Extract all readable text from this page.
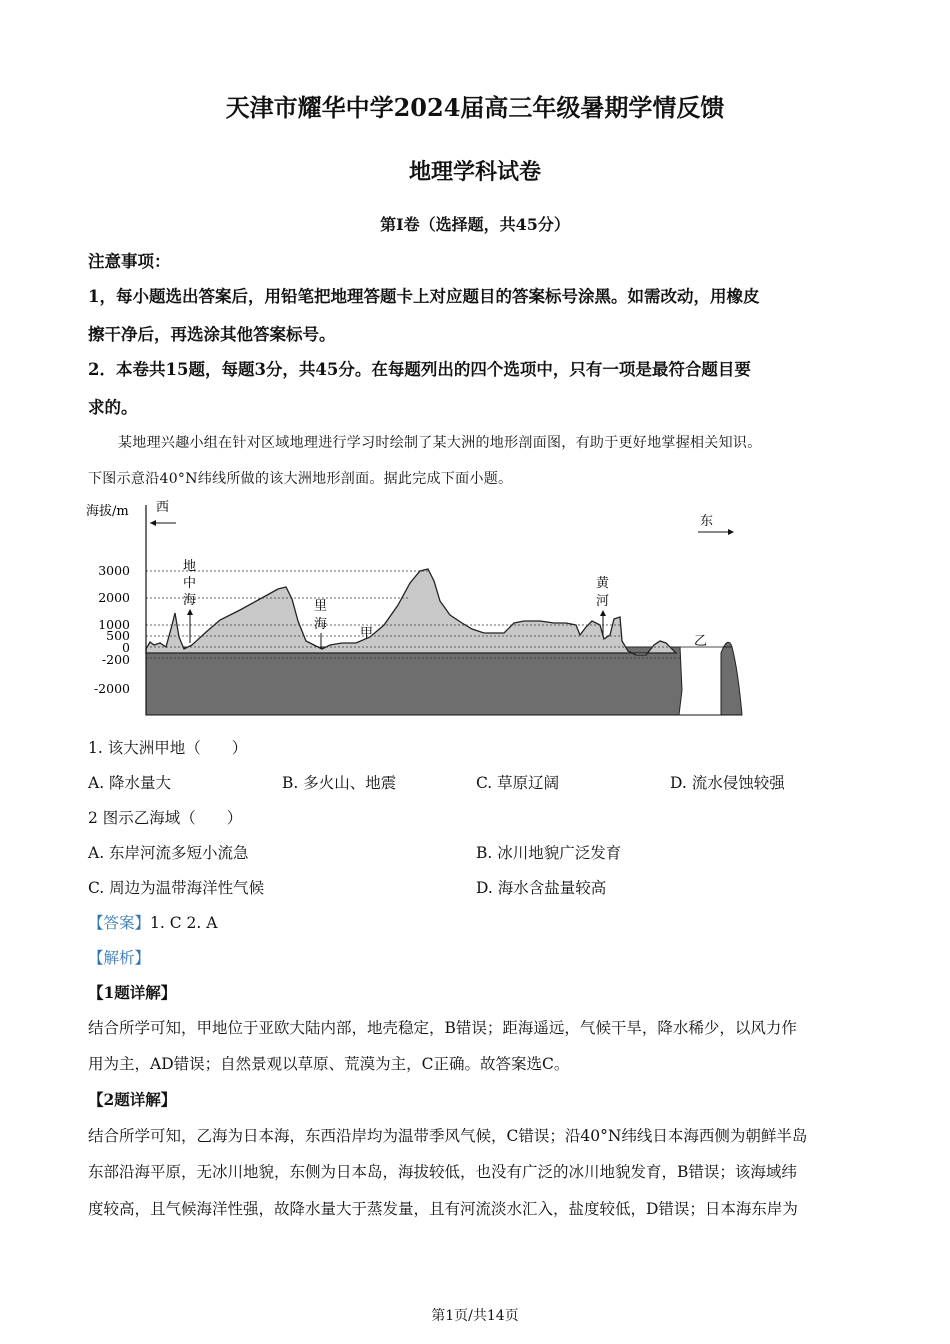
天津市耀华中学2024届高三年级暑期学情反馈
地理学科试卷
第I卷（选择题，共45分）
注意事项：
1，每小题选出答案后，用铅笔把地理答题卡上对应题目的答案标号涂黑。如需改动，用橡皮
擦干净后，再选涂其他答案标号。
2．本卷共15题，每题3分，共45分。在每题列出的四个选项中，只有一项是最符合题目要
求的。
某地理兴趣小组在针对区域地理进行学习时绘制了某大洲的地形剖面图，有助于更好地掌握相关知识。
下图示意沿40°N纬线所做的该大洲地形剖面。据此完成下面小题。
海拔/m
3000
2000
1000
500
0
-200
-2000
西
东
地
中
海	里
海
甲
黄
河
乙
1. 该大洲甲地（　　）
A. 降水量大	B. 多火山、地震	C. 草原辽阔	D. 流水侵蚀较强
2 图示乙海域（　　）
A. 东岸河流多短小流急	B. 冰川地貌广泛发育
C. 周边为温带海洋性气候	D. 海水含盐量较高
【答案】1. C 2. A
【解析】
【1题详解】
结合所学可知，甲地位于亚欧大陆内部，地壳稳定，B错误；距海遥远，气候干旱，降水稀少，以风力作
用为主，AD错误；自然景观以草原、荒漠为主，C正确。故答案选C。
【2题详解】
结合所学可知，乙海为日本海，东西沿岸均为温带季风气候，C错误；沿40°N纬线日本海西侧为朝鲜半岛
东部沿海平原，无冰川地貌，东侧为日本岛，海拔较低，也没有广泛的冰川地貌发育，B错误；该海域纬
度较高，且气候海洋性强，故降水量大于蒸发量，且有河流淡水汇入，盐度较低，D错误；日本海东岸为
第1页/共14页
